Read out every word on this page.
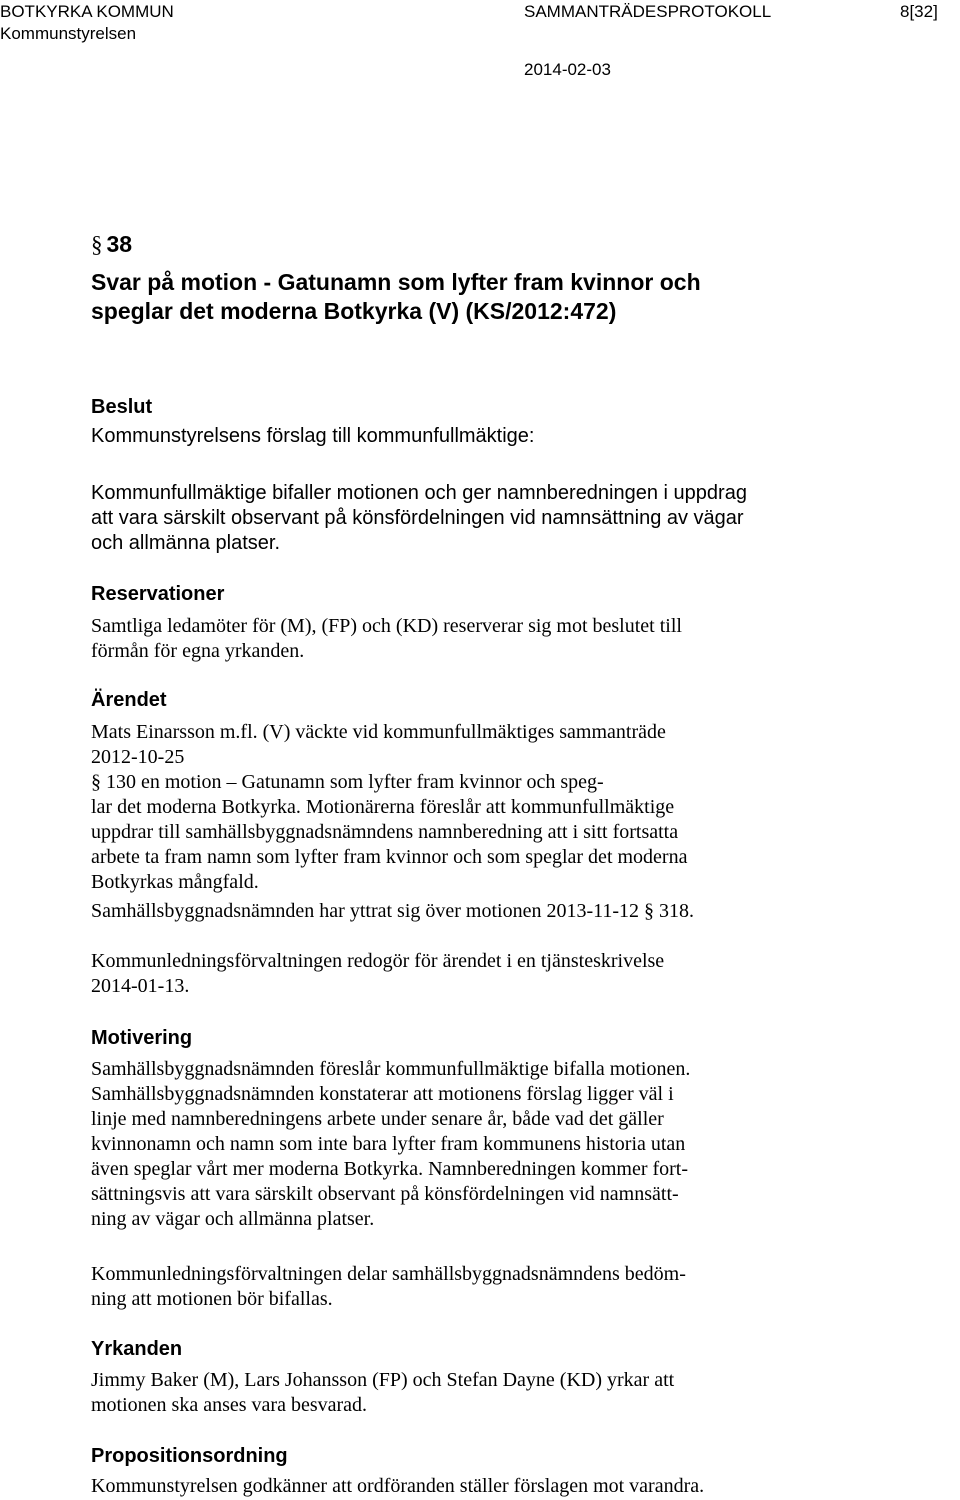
BOTKYRKA KOMMUN
Kommunstyrelsen
SAMMANTRÄDESPROTOKOLL	8[32]
2014-02-03
§ 38
Svar på motion - Gatunamn som lyfter fram kvinnor och
speglar det moderna Botkyrka (V) (KS/2012:472)
Beslut
Kommunstyrelsens förslag till kommunfullmäktige:
Kommunfullmäktige bifaller motionen och ger namnberedningen i uppdrag
att vara särskilt observant på könsfördelningen vid namnsättning av vägar
och allmänna platser.
Reservationer
Samtliga ledamöter för (M), (FP) och (KD) reserverar sig mot beslutet till
förmån för egna yrkanden.
Ärendet
Mats Einarsson m.fl. (V) väckte vid kommunfullmäktiges sammanträde
2012-10-25
§ 130 en motion – Gatunamn som lyfter fram kvinnor och speg-
lar det moderna Botkyrka. Motionärerna föreslår att kommunfullmäktige
uppdrar till samhällsbyggnadsnämndens namnberedning att i sitt fortsatta
arbete ta fram namn som lyfter fram kvinnor och som speglar det moderna
Botkyrkas mångfald.
Samhällsbyggnadsnämnden har yttrat sig över motionen 2013-11-12 § 318.
Kommunledningsförvaltningen redogör för ärendet i en tjänsteskrivelse
2014-01-13.
Motivering
Samhällsbyggnadsnämnden föreslår kommunfullmäktige bifalla motionen.
Samhällsbyggnadsnämnden konstaterar att motionens förslag ligger väl i
linje med namnberedningens arbete under senare år, både vad det gäller
kvinnonamn och namn som inte bara lyfter fram kommunens historia utan
även speglar vårt mer moderna Botkyrka. Namnberedningen kommer fort-
sättningsvis att vara särskilt observant på könsfördelningen vid namnsätt-
ning av vägar och allmänna platser.
Kommunledningsförvaltningen delar samhällsbyggnadsnämndens bedöm-
ning att motionen bör bifallas.
Yrkanden
Jimmy Baker (M), Lars Johansson (FP) och Stefan Dayne (KD) yrkar att
motionen ska anses vara besvarad.
Propositionsordning
Kommunstyrelsen godkänner att ordföranden ställer förslagen mot varandra.
